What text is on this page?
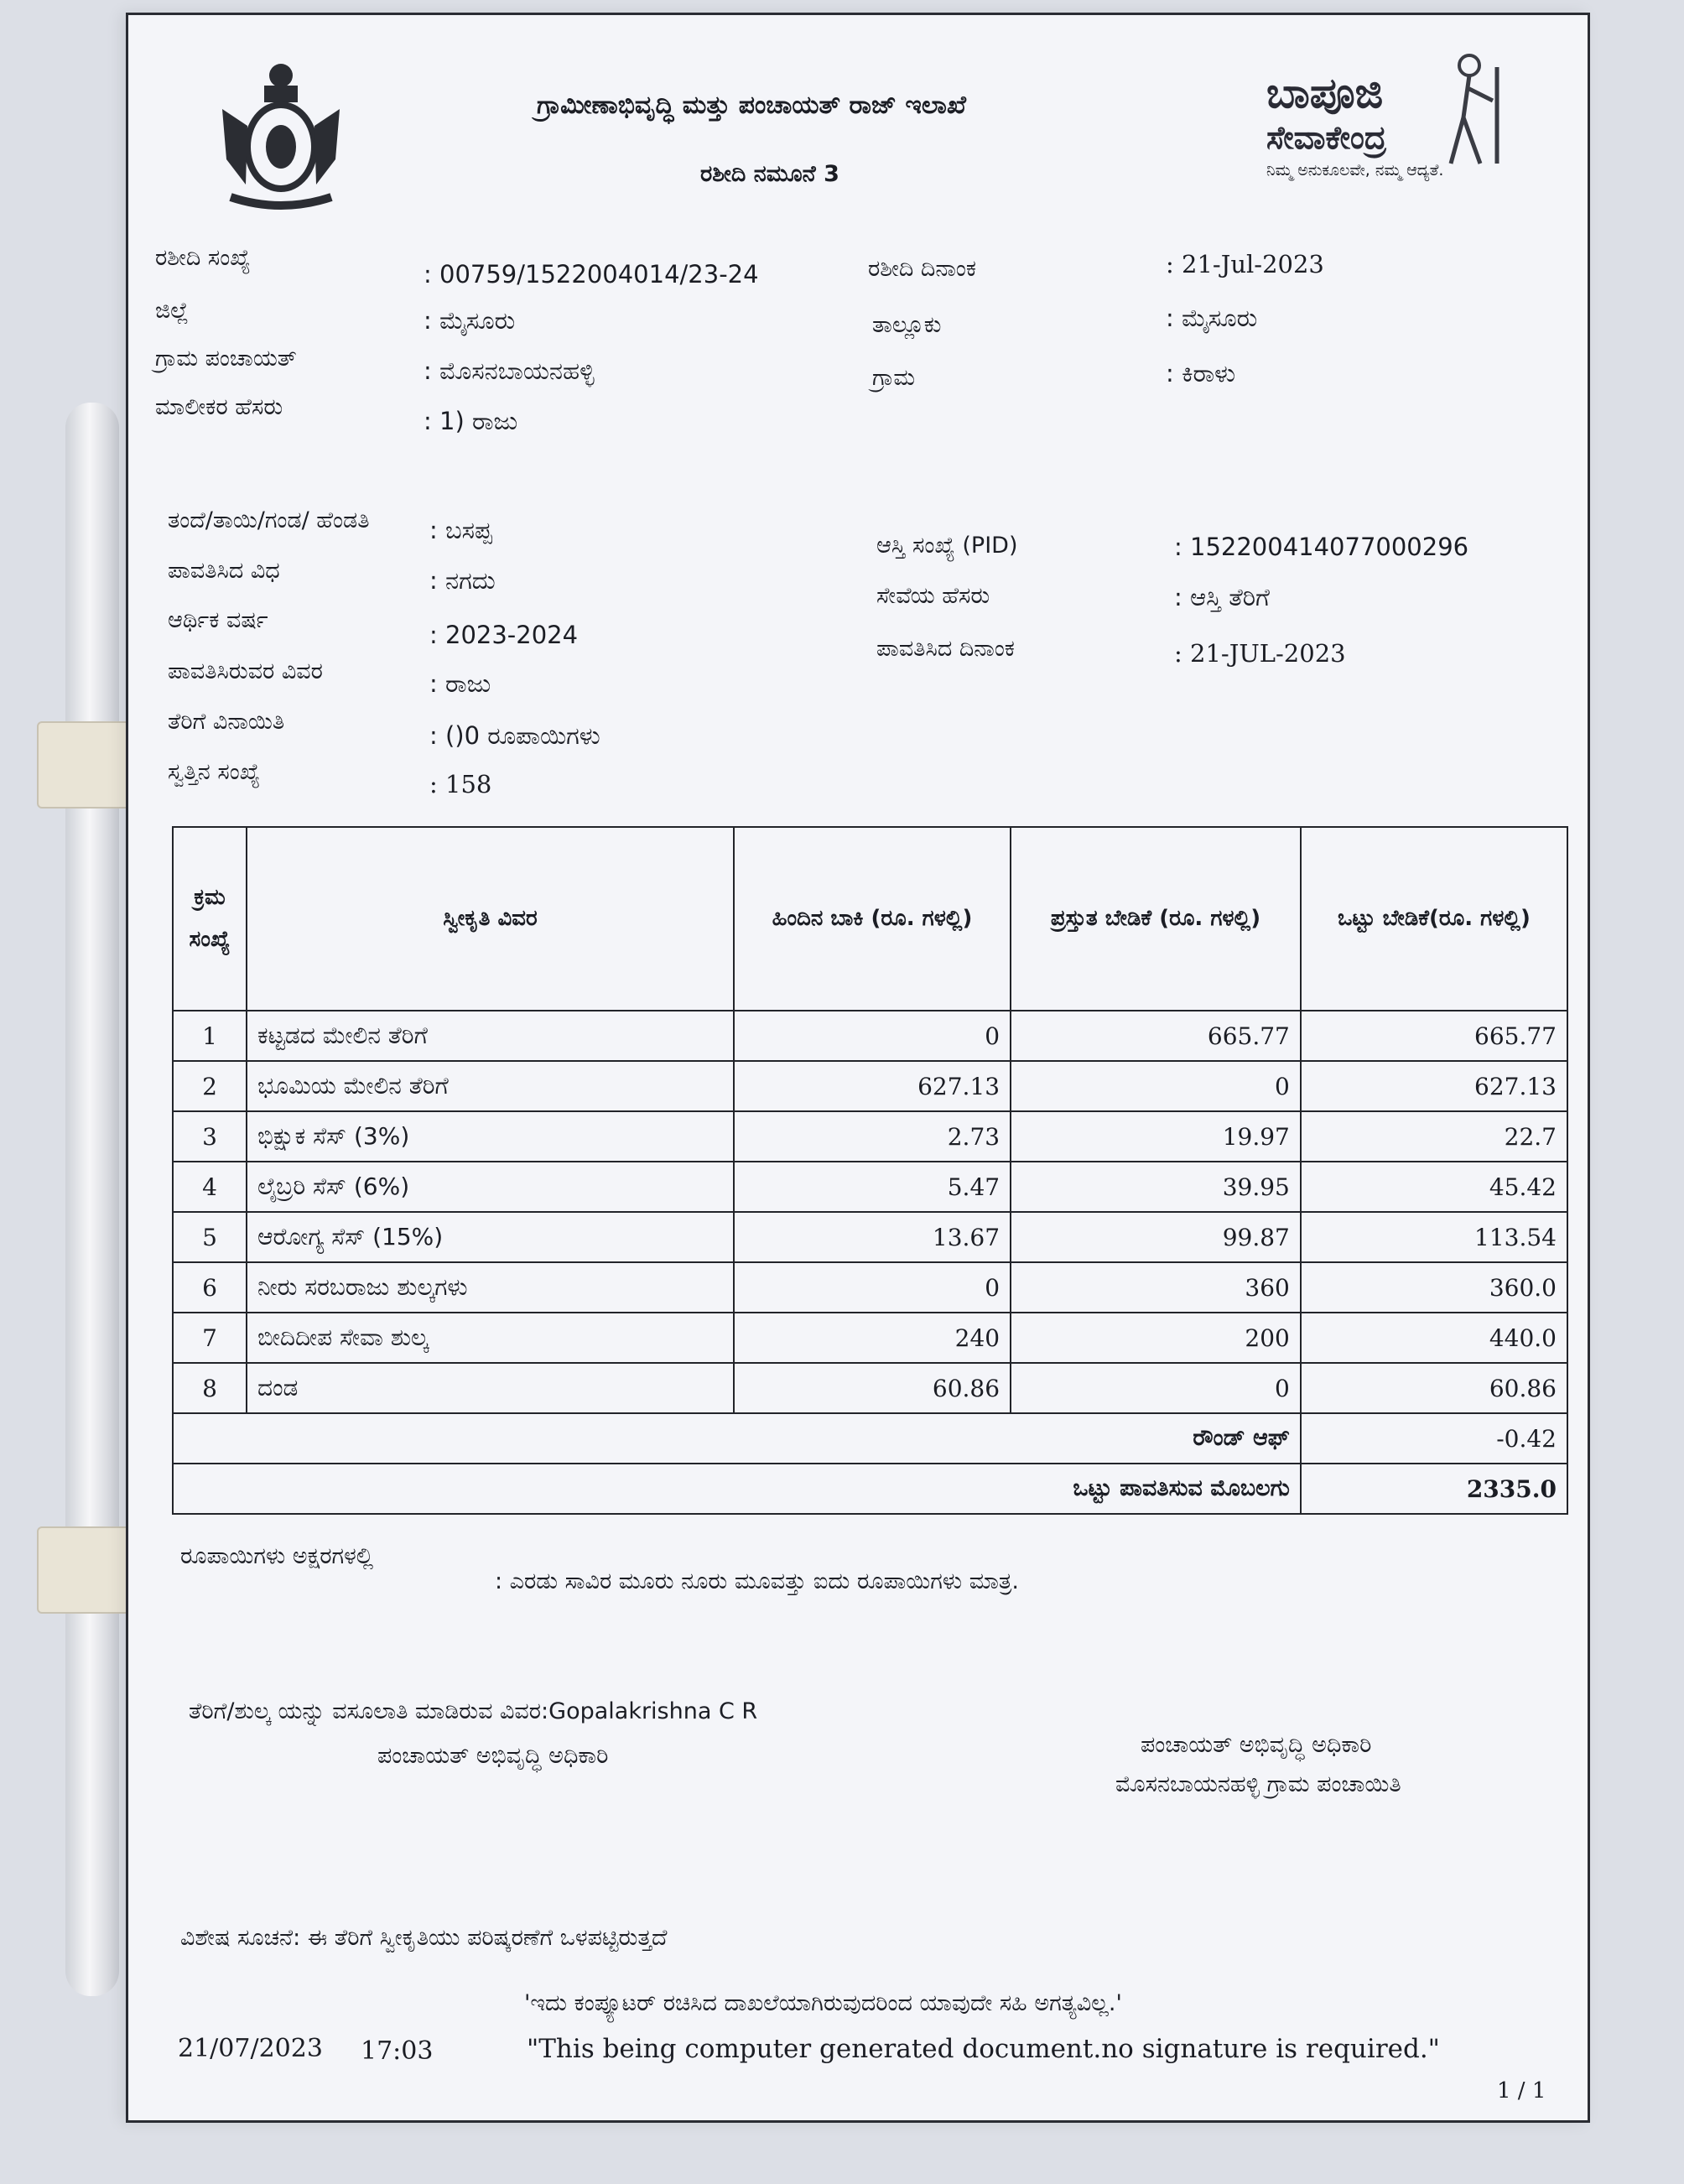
ಗ್ರಾಮೀಣಾಭಿವೃದ್ಧಿ ಮತ್ತು ಪಂಚಾಯತ್ ರಾಜ್ ಇಲಾಖೆ
ರಶೀದಿ ನಮೂನೆ 3
ಬಾಪೂಜಿ
ಸೇವಾಕೇಂದ್ರ
ನಿಮ್ಮ ಅನುಕೂಲವೇ, ನಮ್ಮ ಆದ್ಯತೆ.
ರಶೀದಿ ಸಂಖ್ಯೆ
: 00759/1522004014/23-24
ಜಿಲ್ಲೆ	: ಮೈಸೂರು
ಗ್ರಾಮ ಪಂಚಾಯತ್	: ಮೊಸನಬಾಯನಹಳ್ಳಿ
ಮಾಲೀಕರ ಹೆಸರು	: 1) ರಾಜು
ತಂದೆ/ತಾಯಿ/ಗಂಡ/ ಹೆಂಡತಿ : ಬಸಪ್ಪ
ಪಾವತಿಸಿದ ವಿಧ	: ನಗದು
ಆರ್ಥಿಕ ವರ್ಷ
: 2023-2024
ಪಾವತಿಸಿರುವರ ವಿವರ	: ರಾಜು
ತೆರಿಗೆ ವಿನಾಯಿತಿ	: ()0 ರೂಪಾಯಿಗಳು
ಸ್ವತ್ತಿನ ಸಂಖ್ಯೆ	: 158
ರಶೀದಿ ದಿನಾಂಕ	: 21-Jul-2023
ತಾಲ್ಲೂಕು	: ಮೈಸೂರು
ಗ್ರಾಮ	: ಕಿರಾಳು
ಆಸ್ತಿ ಸಂಖ್ಯೆ (PID)	: 152200414077000296
ಸೇವೆಯ ಹೆಸರು	: ಆಸ್ತಿ ತೆರಿಗೆ
ಪಾವತಿಸಿದ ದಿನಾಂಕ	: 21-JUL-2023
ಕ್ರಮ ಸಂಖ್ಯೆ	ಸ್ವೀಕೃತಿ ವಿವರ	ಹಿಂದಿನ ಬಾಕಿ (ರೂ. ಗಳಲ್ಲಿ)	ಪ್ರಸ್ತುತ ಬೇಡಿಕೆ (ರೂ. ಗಳಲ್ಲಿ)	ಒಟ್ಟು ಬೇಡಿಕೆ(ರೂ. ಗಳಲ್ಲಿ)
1	ಕಟ್ಟಡದ ಮೇಲಿನ ತೆರಿಗೆ	0	665.77	665.77
2	ಭೂಮಿಯ ಮೇಲಿನ ತೆರಿಗೆ	627.13	0	627.13
3	ಭಿಕ್ಷುಕ ಸೆಸ್ (3%)	2.73	19.97	22.7
4	ಲೈಬ್ರರಿ ಸೆಸ್ (6%)	5.47	39.95	45.42
5	ಆರೋಗ್ಯ ಸೆಸ್ (15%)	13.67	99.87	113.54
6	ನೀರು ಸರಬರಾಜು ಶುಲ್ಕಗಳು	0	360	360.0
7	ಬೀದಿದೀಪ ಸೇವಾ ಶುಲ್ಕ	240	200	440.0
8	ದಂಡ	60.86	0	60.86
ರೌಂಡ್ ಆಫ್				-0.42
ಒಟ್ಟು ಪಾವತಿಸುವ ಮೊಬಲಗು				2335.0
ರೂಪಾಯಿಗಳು ಅಕ್ಷರಗಳಲ್ಲಿ
: ಎರಡು ಸಾವಿರ ಮೂರು ನೂರು ಮೂವತ್ತು ಐದು ರೂಪಾಯಿಗಳು ಮಾತ್ರ.
ತೆರಿಗೆ/ಶುಲ್ಕ ಯನ್ನು ವಸೂಲಾತಿ ಮಾಡಿರುವ ವಿವರ:Gopalakrishna C R
ಪಂಚಾಯತ್ ಅಭಿವೃದ್ಧಿ ಅಧಿಕಾರಿ	ಪಂಚಾಯತ್ ಅಭಿವೃದ್ಧಿ ಅಧಿಕಾರಿ
ಮೊಸನಬಾಯನಹಳ್ಳಿ ಗ್ರಾಮ ಪಂಚಾಯಿತಿ
ವಿಶೇಷ ಸೂಚನೆ: ಈ ತೆರಿಗೆ ಸ್ವೀಕೃತಿಯು ಪರಿಷ್ಕರಣೆಗೆ ಒಳಪಟ್ಟಿರುತ್ತದೆ
'ಇದು ಕಂಪ್ಯೂಟರ್ ರಚಿಸಿದ ದಾಖಲೆಯಾಗಿರುವುದರಿಂದ ಯಾವುದೇ ಸಹಿ ಅಗತ್ಯವಿಲ್ಲ.'
"This being computer generated document.no signature is required."
21/07/2023 17:03
1 / 1
